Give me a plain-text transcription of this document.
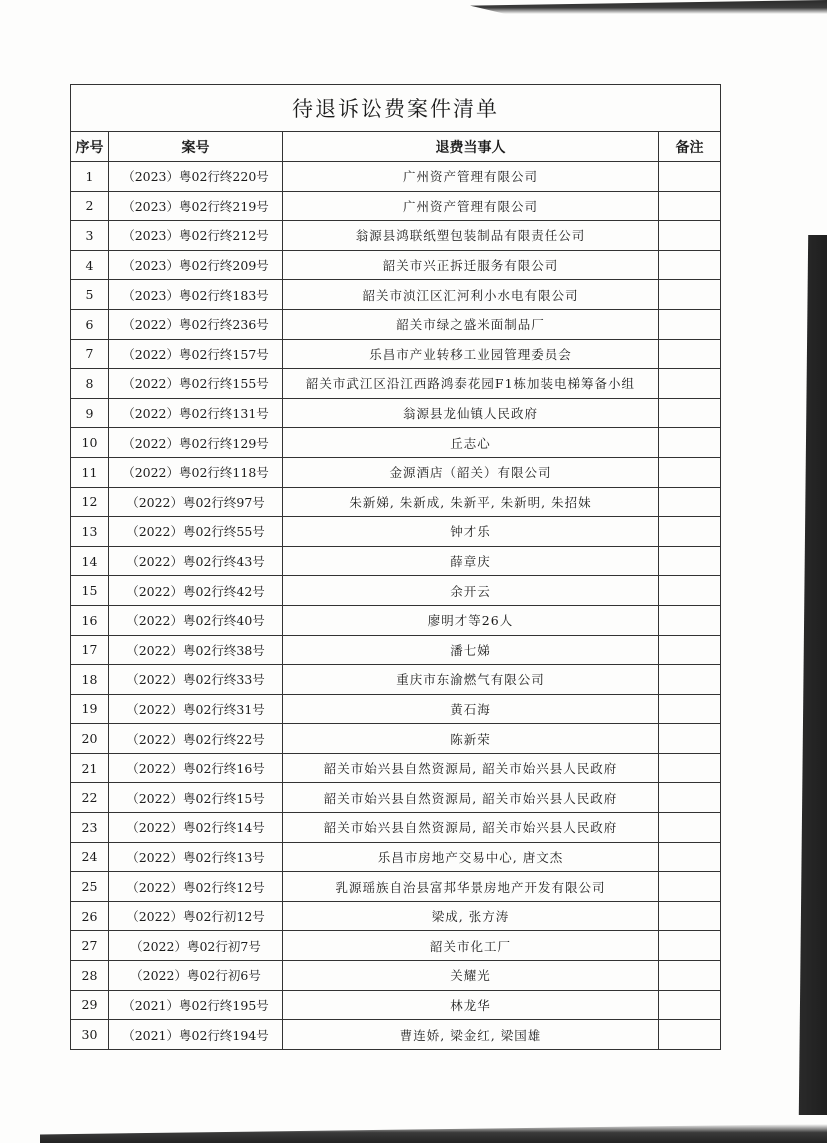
待退诉讼费案件清单			
序号	案号	退费当事人	备注
1	（2023）粤02行终220号	广州资产管理有限公司	
2	（2023）粤02行终219号	广州资产管理有限公司	
3	（2023）粤02行终212号	翁源县鸿联纸塑包装制品有限责任公司	
4	（2023）粤02行终209号	韶关市兴正拆迁服务有限公司	
5	（2023）粤02行终183号	韶关市浈江区汇河利小水电有限公司	
6	（2022）粤02行终236号	韶关市绿之盛米面制品厂	
7	（2022）粤02行终157号	乐昌市产业转移工业园管理委员会	
8	（2022）粤02行终155号	韶关市武江区沿江西路鸿泰花园F1栋加装电梯筹备小组	
9	（2022）粤02行终131号	翁源县龙仙镇人民政府	
10	（2022）粤02行终129号	丘志心	
11	（2022）粤02行终118号	金源酒店（韶关）有限公司	
12	（2022）粤02行终97号	朱新娣, 朱新成, 朱新平, 朱新明, 朱招妹	
13	（2022）粤02行终55号	钟才乐	
14	（2022）粤02行终43号	薛章庆	
15	（2022）粤02行终42号	余开云	
16	（2022）粤02行终40号	廖明才等26人	
17	（2022）粤02行终38号	潘七娣	
18	（2022）粤02行终33号	重庆市东渝燃气有限公司	
19	（2022）粤02行终31号	黄石海	
20	（2022）粤02行终22号	陈新荣	
21	（2022）粤02行终16号	韶关市始兴县自然资源局, 韶关市始兴县人民政府	
22	（2022）粤02行终15号	韶关市始兴县自然资源局, 韶关市始兴县人民政府	
23	（2022）粤02行终14号	韶关市始兴县自然资源局, 韶关市始兴县人民政府	
24	（2022）粤02行终13号	乐昌市房地产交易中心, 唐文杰	
25	（2022）粤02行终12号	乳源瑶族自治县富邦华景房地产开发有限公司	
26	（2022）粤02行初12号	梁成, 张方涛	
27	（2022）粤02行初7号	韶关市化工厂	
28	（2022）粤02行初6号	关耀光	
29	（2021）粤02行终195号	林龙华	
30	（2021）粤02行终194号	曹连娇, 梁金红, 梁国雄	
